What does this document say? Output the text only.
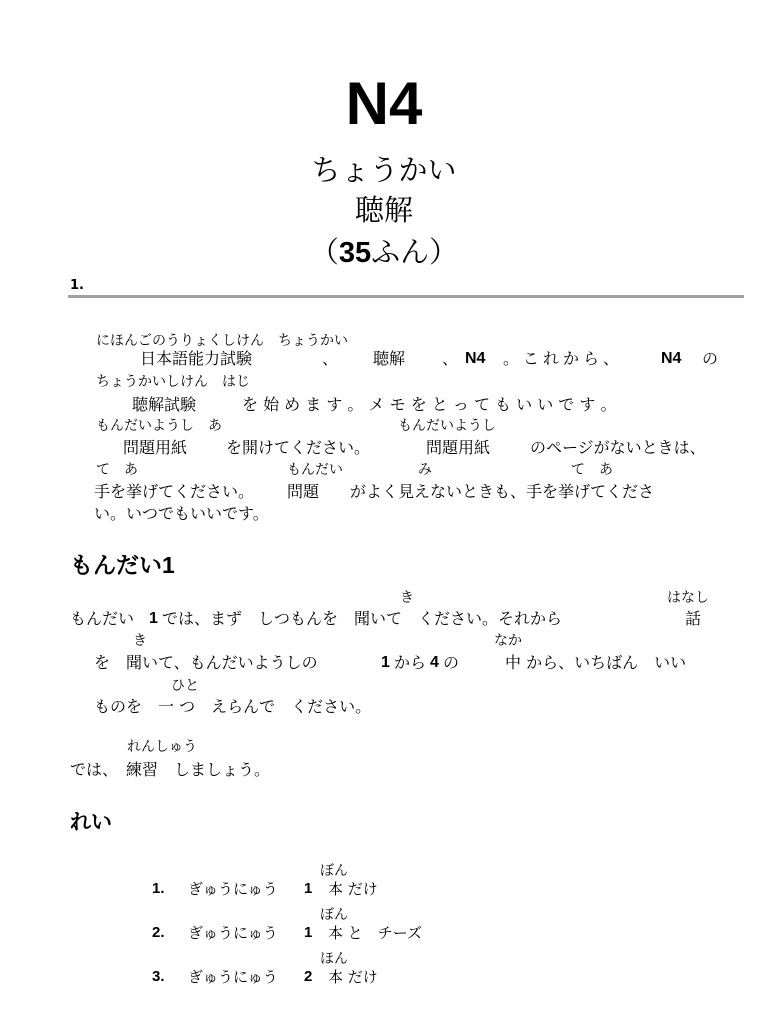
N4
ちょうかい
聴解
（35ふん）
1.
にほんごのうりょくしけん　ちょうかい
日本語能力試験	、 聴解 、 N4 。これから、 N4 の
ちょうかいしけん　はじ
聴解試験	を 始 め ま す 。 メ モ を と っ て も い い で す 。
もんだいようし　あ	もんだいようし
問題用紙 を開けてください。	問題用紙 のページがないときは、
て　あ	もんだい	み	て　あ
手を挙げてください。 問題 がよく見えないときも、手を挙げてくださ
い。いつでもいいです。
もんだい1
き	はなし
もんだい 1 では、まず　しつもんを　聞いて　ください。それから	話
き	なか
を　聞いて、もんだいようしの	1 から 4 の	中 から、いちばん　いい
ひと
ものを　一 つ　えらんで　ください。
れんしゅう
では、　練習　しましょう。
れい
ぼん
1. ぎゅうにゅう 1 本 だけ
ぼん
2. ぎゅうにゅう 1 本 と　チーズ
ほん
3. ぎゅうにゅう 2 本 だけ
